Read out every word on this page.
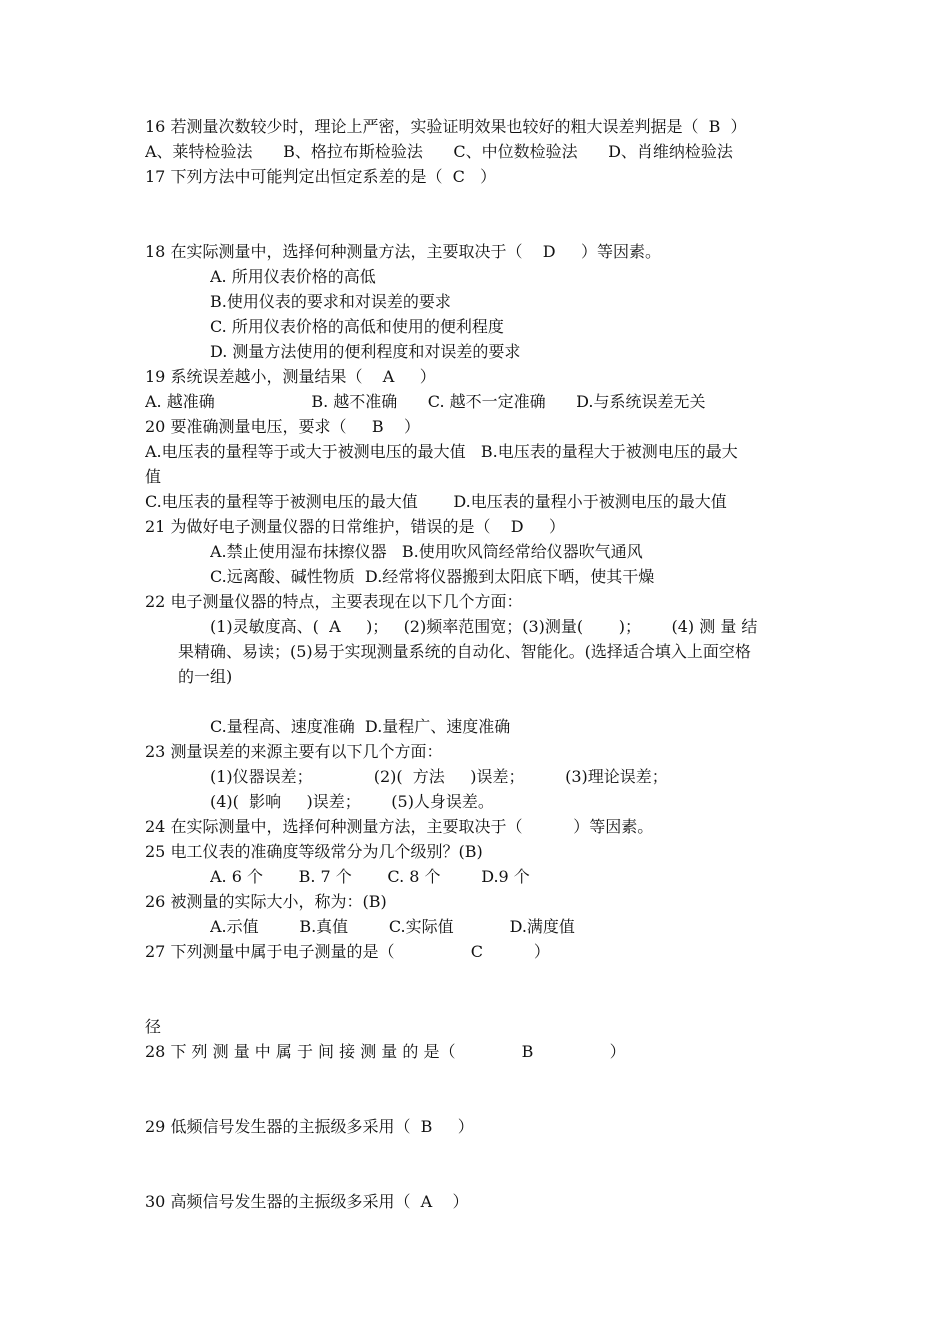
16 若测量次数较少时，理论上严密，实验证明效果也较好的粗大误差判据是（  B  ）
A、莱特检验法      B、格拉布斯检验法      C、中位数检验法      D、肖维纳检验法
17 下列方法中可能判定出恒定系差的是（  C   ）

18 在实际测量中，选择何种测量方法，主要取决于（    D     ）等因素。
A. 所用仪表价格的高低
B.使用仪表的要求和对误差的要求
C. 所用仪表价格的高低和使用的便利程度
D. 测量方法使用的便利程度和对误差的要求
19 系统误差越小，测量结果（    A     ）
A. 越准确                   B. 越不准确      C. 越不一定准确      D.与系统误差无关
20 要准确测量电压，要求（     B    ）
A.电压表的量程等于或大于被测电压的最大值   B.电压表的量程大于被测电压的最大
值
C.电压表的量程等于被测电压的最大值       D.电压表的量程小于被测电压的最大值
21 为做好电子测量仪器的日常维护，错误的是（    D     ）
A.禁止使用湿布抹擦仪器   B.使用吹风筒经常给仪器吹气通风
C.远离酸、碱性物质  D.经常将仪器搬到太阳底下晒，使其干燥
22 电子测量仪器的特点，主要表现在以下几个方面：
(1)灵敏度高、(  A     )；   (2)频率范围宽；(3)测量(       )；      (4) 测 量 结
果精确、易读；(5)易于实现测量系统的自动化、智能化。(选择适合填入上面空格
的一组)

C.量程高、速度准确  D.量程广、速度准确
23 测量误差的来源主要有以下几个方面：
(1)仪器误差；            (2)(  方法     )误差；        (3)理论误差；
(4)(  影响     )误差；      (5)人身误差。
24 在实际测量中，选择何种测量方法，主要取决于（          ）等因素。
25 电工仪表的准确度等级常分为几个级别？(B)
A. 6 个       B. 7 个       C. 8 个        D.9 个
26 被测量的实际大小，称为：(B)
A.示值        B.真值        C.实际值           D.满度值
27 下列测量中属于电子测量的是（               C          ）

径
28 下 列 测 量 中 属 于 间 接 测 量 的 是（             B               ）

29 低频信号发生器的主振级多采用（  B     ）

30 高频信号发生器的主振级多采用（  A    ）
